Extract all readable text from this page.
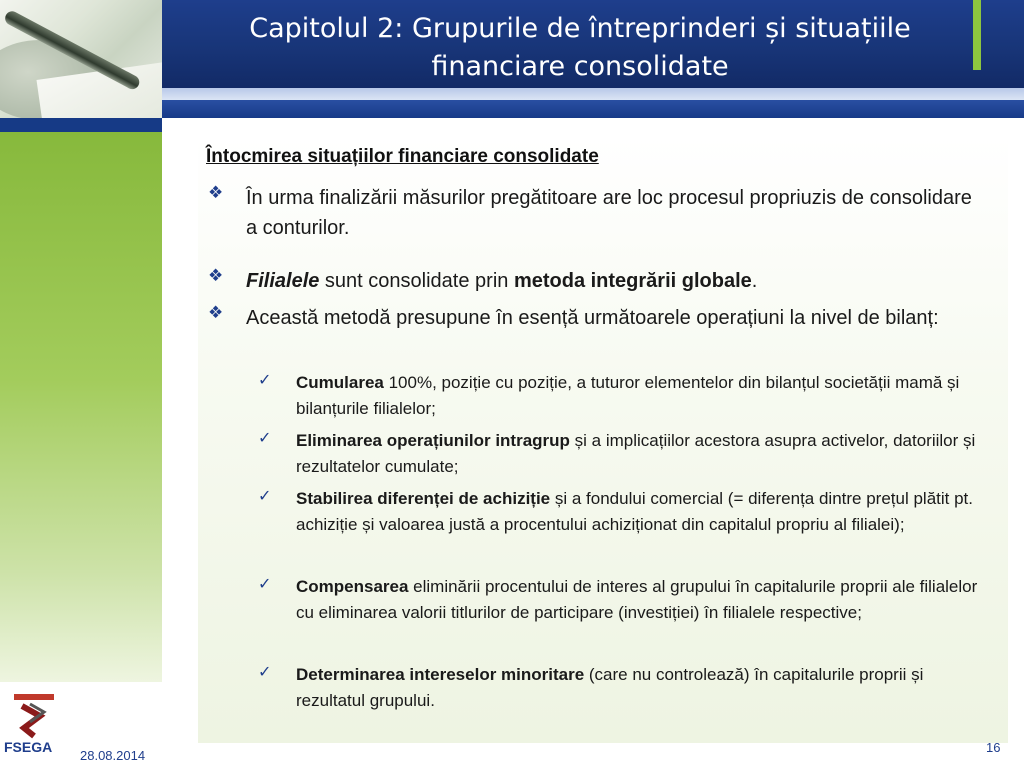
Capitolul 2: Grupurile de întreprinderi și situațiile
financiare consolidate
Întocmirea situațiilor financiare consolidate
❖ În urma finalizării măsurilor pregătitoare are loc procesul propriuzis de consolidare a conturilor.
❖ Filialele sunt consolidate prin metoda integrării globale.
❖ Această metodă presupune în esență următoarele operațiuni la nivel de bilanț:
✓ Cumularea 100%, poziție cu poziție, a tuturor elementelor din bilanțul societății mamă și bilanțurile filialelor;
✓ Eliminarea operațiunilor intragrup și a implicațiilor acestora asupra activelor, datoriilor și rezultatelor cumulate;
✓ Stabilirea diferenței de achiziție și a fondului comercial (= diferența dintre prețul plătit pt. achiziție și valoarea justă a procentului achiziționat din capitalul propriu al filialei);
✓ Compensarea eliminării procentului de interes al grupului în capitalurile proprii ale filialelor cu eliminarea valorii titlurilor de participare (investiției) în filialele respective;
✓ Determinarea intereselor minoritare (care nu controlează) în capitalurile proprii și rezultatul grupului.
FSEGA
28.08.2014
16
